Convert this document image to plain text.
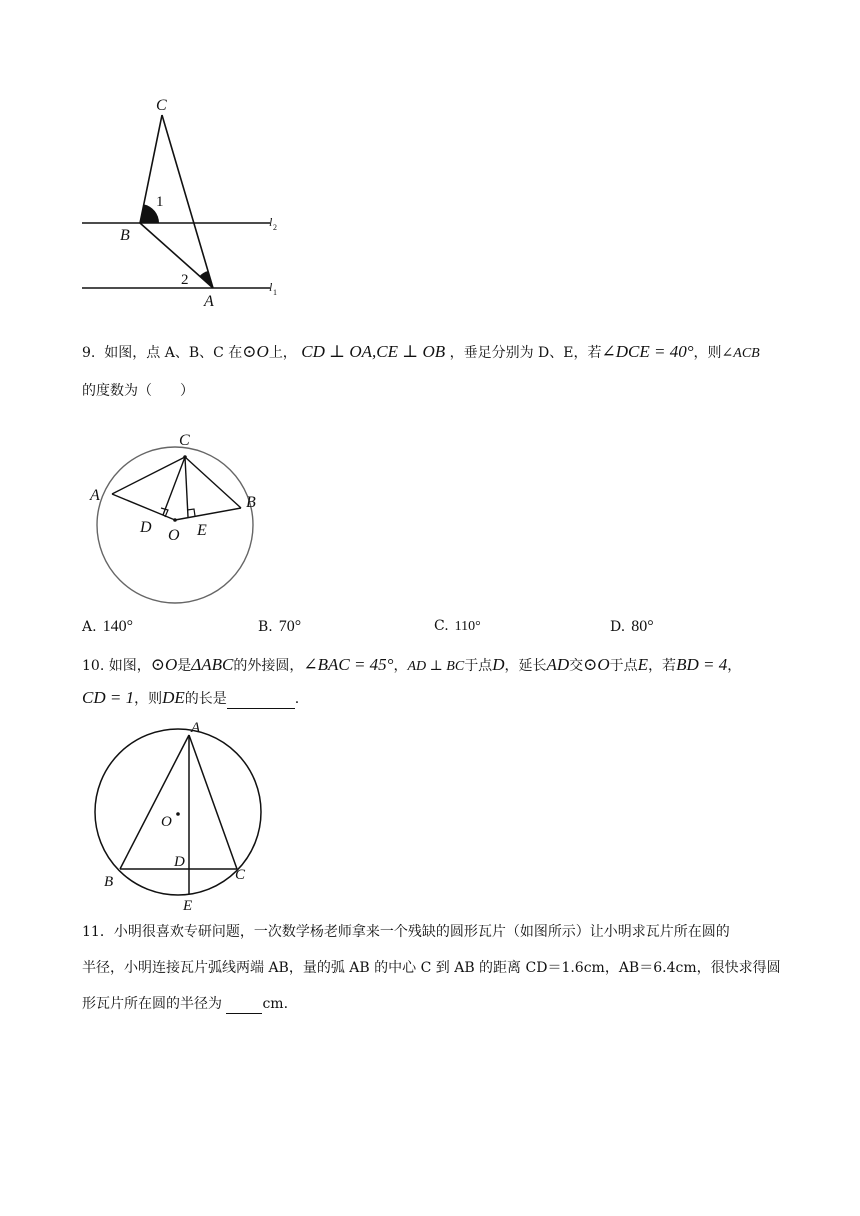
C
B
A
1
2
l 2
l 1
9. 如图，点 A、B、C 在⊙O上， CD ⊥ OA,CE ⊥ OB ，垂足分别为 D、E，若∠DCE = 40°，则∠ACB
的度数为（　　）
C
A	B
D O E
A. 140°	B. 70°	C. 110°	D. 80°
10. 如图，⊙O是ΔABC的外接圆，∠BAC = 45°，AD ⊥ BC于点D，延长AD交⊙O于点E，若BD = 4，
CD = 1，则DE的长是	.
A
O
D
B	C
E
11．小明很喜欢专研问题，一次数学杨老师拿来一个残缺的圆形瓦片（如图所示）让小明求瓦片所在圆的
半径，小明连接瓦片弧线两端 AB，量的弧 AB 的中心 C 到 AB 的距离 CD＝1.6cm，AB＝6.4cm，很快求得圆
形瓦片所在圆的半径为	cm.
